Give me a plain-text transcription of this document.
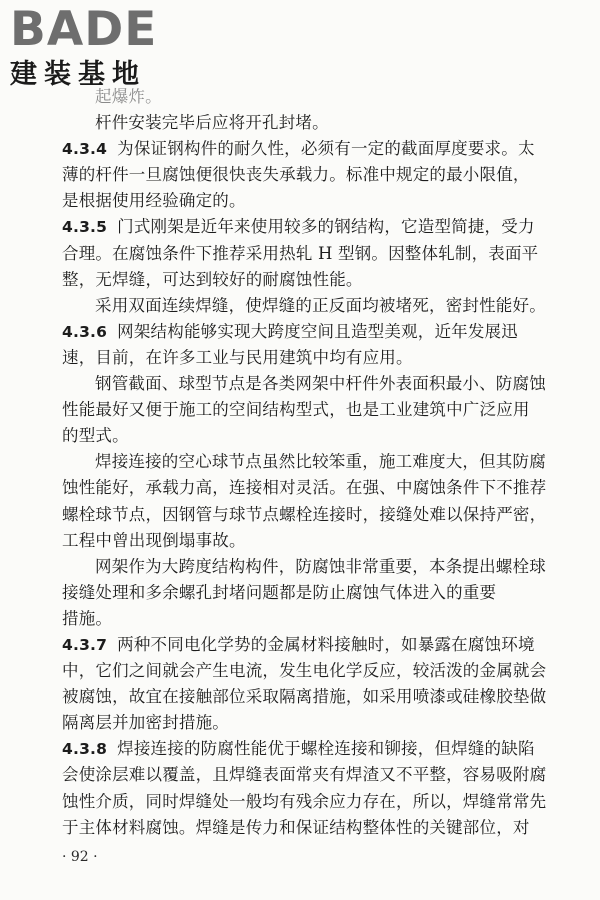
BADE
建装基地
起爆炸。
杆件安装完毕后应将开孔封堵。
4.3.4 为保证钢构件的耐久性，必须有一定的截面厚度要求。太
薄的杆件一旦腐蚀便很快丧失承载力。标准中规定的最小限值，
是根据使用经验确定的。
4.3.5 门式刚架是近年来使用较多的钢结构，它造型简捷，受力
合理。在腐蚀条件下推荐采用热轧 H 型钢。因整体轧制，表面平
整，无焊缝，可达到较好的耐腐蚀性能。
采用双面连续焊缝，使焊缝的正反面均被堵死，密封性能好。
4.3.6 网架结构能够实现大跨度空间且造型美观，近年发展迅
速，目前，在许多工业与民用建筑中均有应用。
钢管截面、球型节点是各类网架中杆件外表面积最小、防腐蚀
性能最好又便于施工的空间结构型式，也是工业建筑中广泛应用
的型式。
焊接连接的空心球节点虽然比较笨重，施工难度大，但其防腐
蚀性能好，承载力高，连接相对灵活。在强、中腐蚀条件下不推荐
螺栓球节点，因钢管与球节点螺栓连接时，接缝处难以保持严密，
工程中曾出现倒塌事故。
网架作为大跨度结构构件，防腐蚀非常重要，本条提出螺栓球
接缝处理和多余螺孔封堵问题都是防止腐蚀气体进入的重要
措施。
4.3.7 两种不同电化学势的金属材料接触时，如暴露在腐蚀环境
中，它们之间就会产生电流，发生电化学反应，较活泼的金属就会
被腐蚀，故宜在接触部位采取隔离措施，如采用喷漆或硅橡胶垫做
隔离层并加密封措施。
4.3.8 焊接连接的防腐性能优于螺栓连接和铆接，但焊缝的缺陷
会使涂层难以覆盖，且焊缝表面常夹有焊渣又不平整，容易吸附腐
蚀性介质，同时焊缝处一般均有残余应力存在，所以，焊缝常常先
于主体材料腐蚀。焊缝是传力和保证结构整体性的关键部位，对
· 92 ·
